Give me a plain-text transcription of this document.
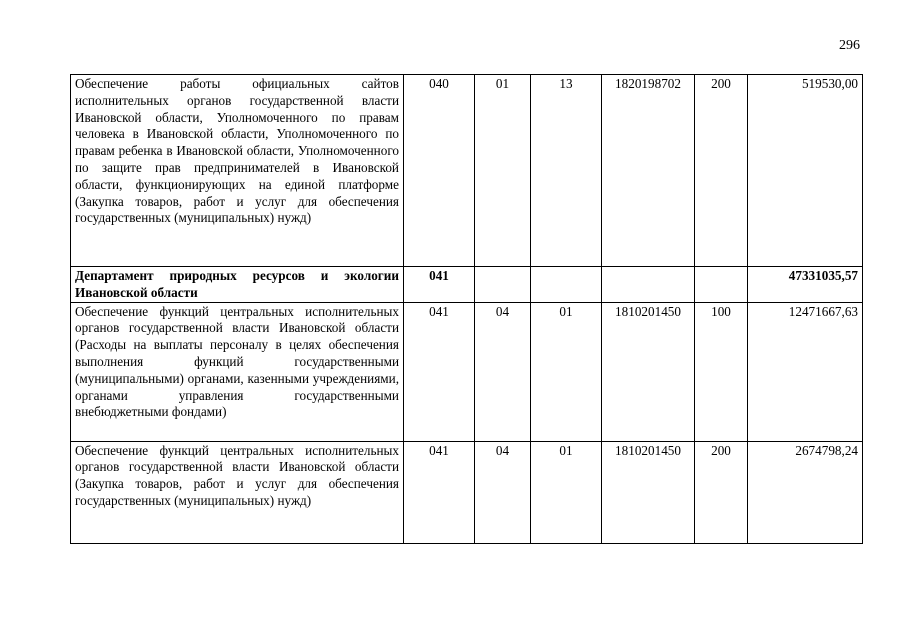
296
Обеспечение работы официальных сайтов исполнительных органов государственной власти Ивановской области, Уполномоченного по правам человека в Ивановской области, Уполномоченного по правам ребенка в Ивановской области, Уполномоченного по защите прав предпринимателей в Ивановской области, функционирующих на единой платформе (Закупка товаров, работ и услуг для обеспечения государственных (муниципальных) нужд)	040	01	13	1820198702	200	519530,00
Департамент природных ресурсов и экологии Ивановской области	041					47331035,57
Обеспечение функций центральных исполнительных органов государственной власти Ивановской области (Расходы на выплаты персоналу в целях обеспечения выполнения функций государственными (муниципальными) органами, казенными учреждениями, органами управления государственными внебюджетными фондами)	041	04	01	1810201450	100	12471667,63
Обеспечение функций центральных исполнительных органов государственной власти Ивановской области (Закупка товаров, работ и услуг для обеспечения государственных (муниципальных) нужд)	041	04	01	1810201450	200	2674798,24
